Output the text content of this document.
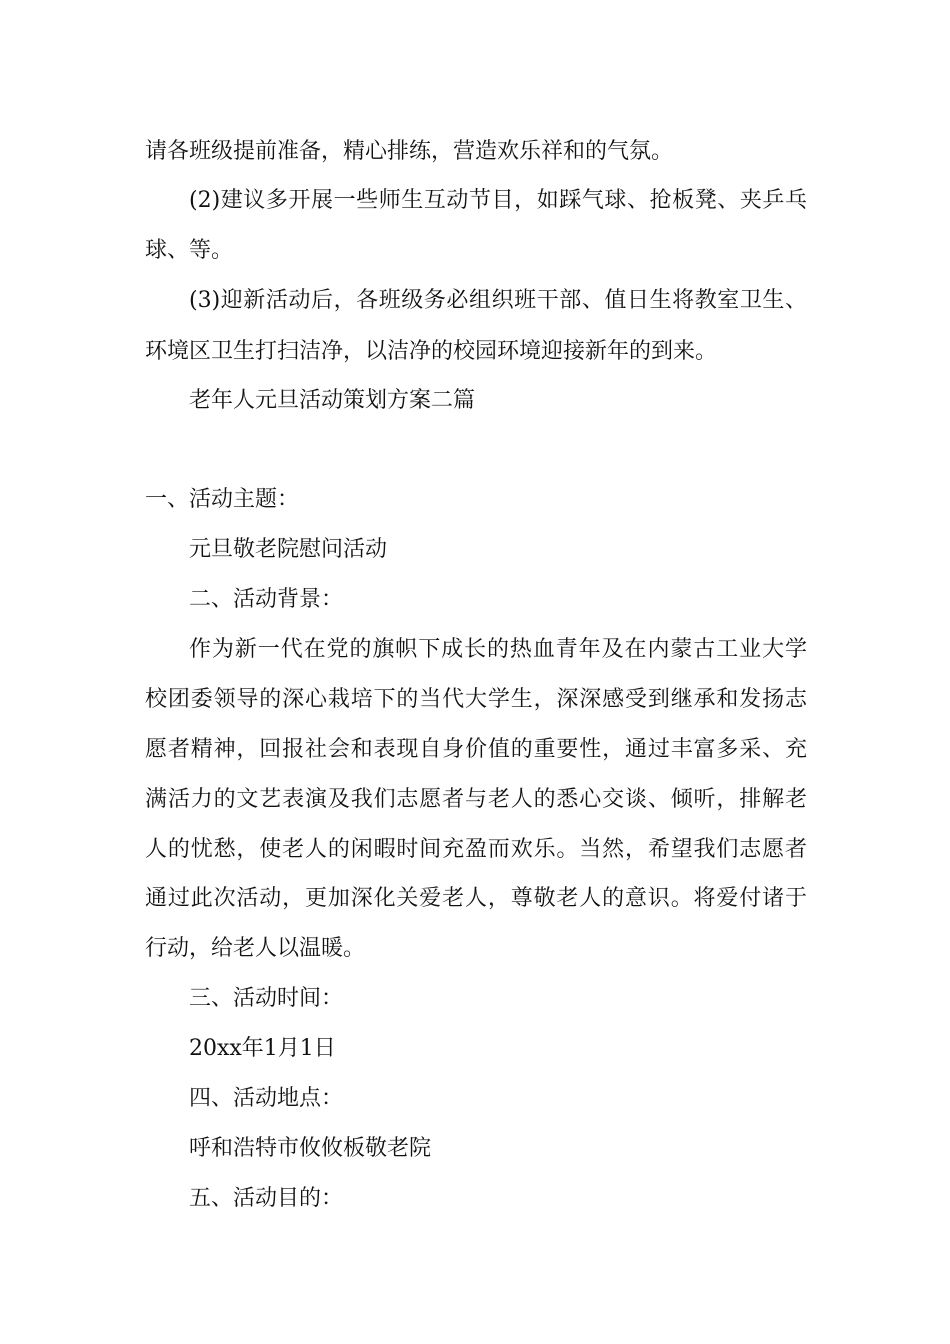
请各班级提前准备，精心排练，营造欢乐祥和的气氛。
(2)建议多开展一些师生互动节目，如踩气球、抢板凳、夹乒乓
球、等。
(3)迎新活动后，各班级务必组织班干部、值日生将教室卫生、
环境区卫生打扫洁净，以洁净的校园环境迎接新年的到来。
老年人元旦活动策划方案二篇
一、活动主题：
元旦敬老院慰问活动
二、活动背景：
作为新一代在党的旗帜下成长的热血青年及在内蒙古工业大学
校团委领导的深心栽培下的当代大学生，深深感受到继承和发扬志
愿者精神，回报社会和表现自身价值的重要性，通过丰富多采、充
满活力的文艺表演及我们志愿者与老人的悉心交谈、倾听，排解老
人的忧愁，使老人的闲暇时间充盈而欢乐。当然，希望我们志愿者
通过此次活动，更加深化关爱老人，尊敬老人的意识。将爱付诸于
行动，给老人以温暖。
三、活动时间：
20xx年1月1日
四、活动地点：
呼和浩特市攸攸板敬老院
五、活动目的：
